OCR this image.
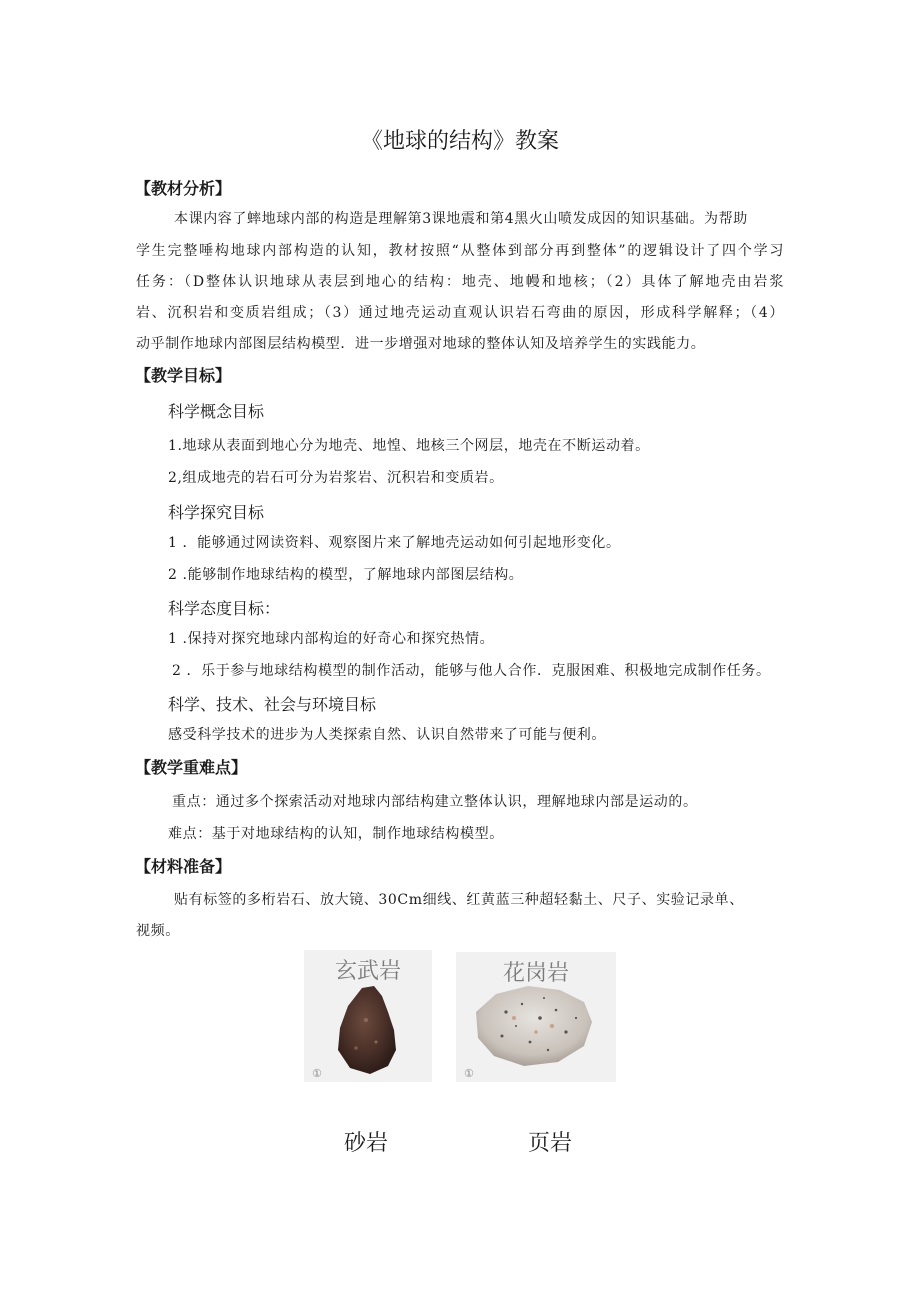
《地球的结构》教案
【教材分析】
本课内容了蟀地球内部的构造是理解第3课地震和第4黑火山喷发成因的知识基础。为帮助
学生完整唾构地球内部构造的认知，教材按照“从整体到部分再到整体”的逻辑设计了四个学习
任务：（D整体认识地球从表层到地心的结构：地壳、地幔和地核；（2）具体了解地壳由岩浆
岩、沉积岩和变质岩组成；（3）通过地壳运动直观认识岩石弯曲的原因，形成科学解释；（4）
动乎制作地球内部图层结构模型．进一步增强对地球的整体认知及培养学生的实践能力。
【教学目标】
科学概念目标
1.地球从表面到地心分为地壳、地惶、地核三个网层，地壳在不断运动着。
2,组成地壳的岩石可分为岩浆岩、沉积岩和变质岩。
科学探究目标
1 ．能够通过网读资料、观察图片来了解地壳运动如何引起地形变化。
2 .能够制作地球结构的模型，了解地球内部图层结构。
科学态度目标：
1 .保持对探究地球内部构迨的好奇心和探究热情。
2 ．乐于参与地球结构模型的制作活动，能够与他人合作．克服困难、积极地完成制作任务。
科学、技术、社会与环境目标
感受科学技术的进步为人类探索自然、认识自然带来了可能与便利。
【教学重难点】
重点：通过多个探索活动对地球内部结构建立整体认识，理解地球内部是运动的。
难点：基于对地球结构的认知，制作地球结构模型。
【材料准备】
贴有标签的多桁岩石、放大镜、30Cm细线、红黄蓝三种超轻黏土、尺子、实验记录单、
视频。
玄武岩
①
花岗岩
①
砂岩	页岩
